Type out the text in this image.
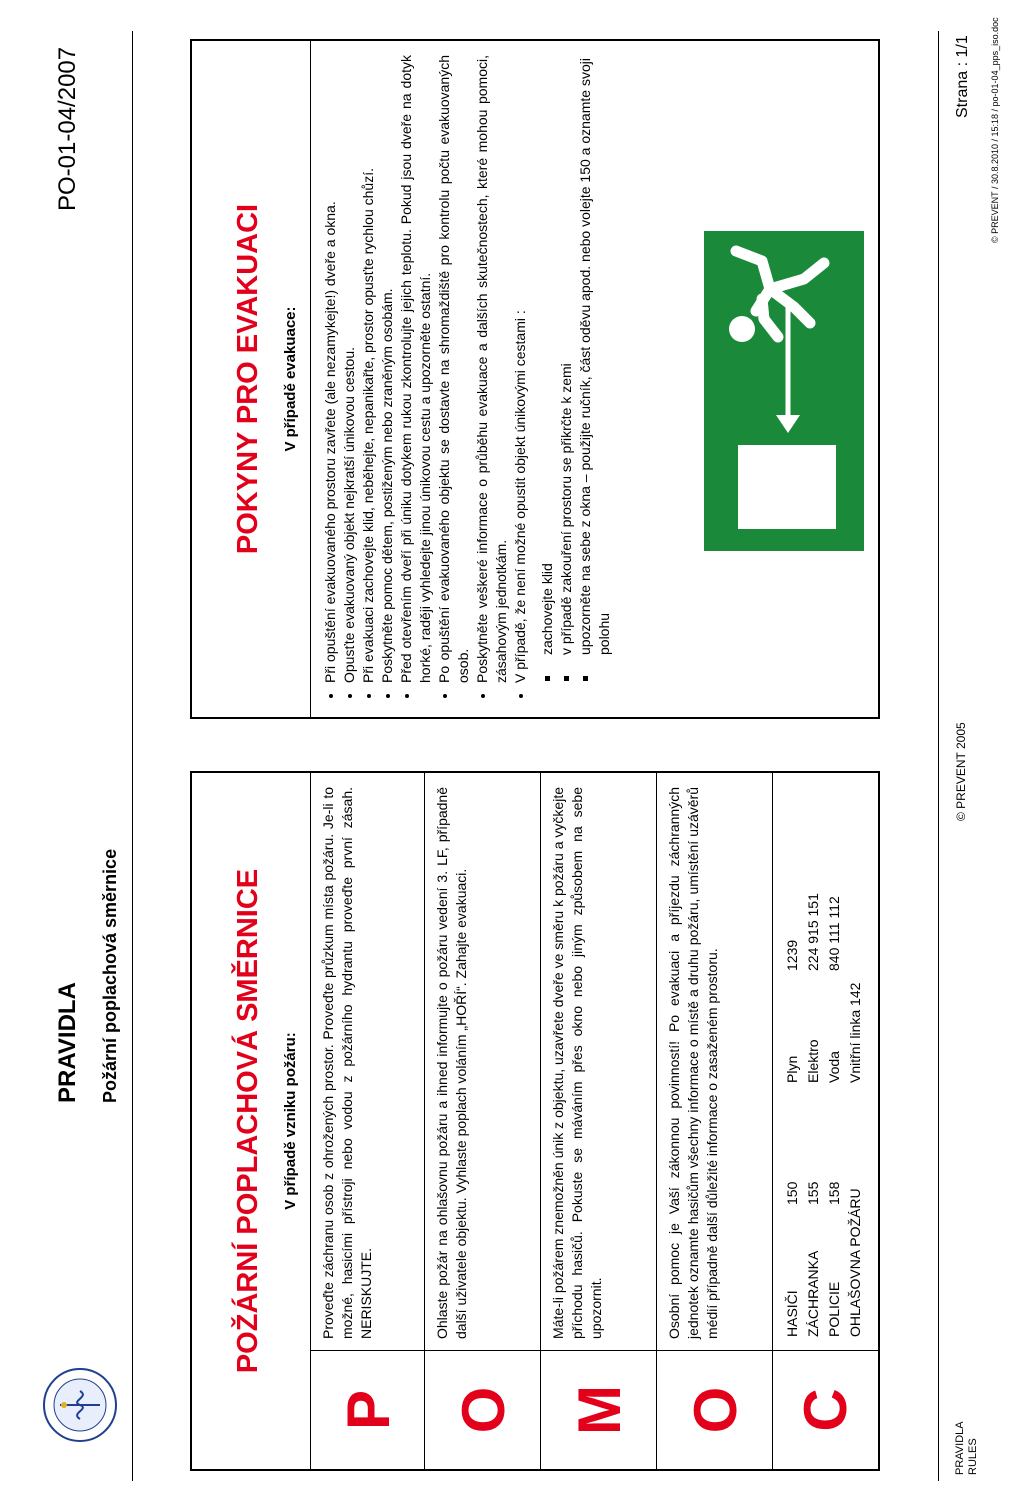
PRAVIDLA Požární poplachová směrnice
PO-01-04/2007
POŽÁRNÍ POPLACHOVÁ SMĚRNICE V případě vzniku požáru:
P
Proveďte záchranu osob z ohrožených prostor. Proveďte průzkum místa požáru. Je-li to možné, hasicími přístroji nebo vodou z požárního hydrantu proveďte první zásah. NERISKUJTE.
O
Ohlaste požár na ohlašovnu požáru a ihned informujte o požáru vedení 3. LF, případně další uživatele objektu. Vyhlaste poplach voláním „HOŘÍ“. Zahajte evakuaci.
M
Máte-li požárem znemožněn únik z objektu, uzavřete dveře ve směru k požáru a vyčkejte příchodu hasičů. Pokuste se máváním přes okno nebo jiným způsobem na sebe upozornit.
O
Osobní pomoc je Vaší zákonnou povinností! Po evakuaci a příjezdu záchranných jednotek oznamte hasičům všechny informace o místě a druhu požáru, umístění uzávěrů médií případně další důležité informace o zasaženém prostoru.
C
HASIČI	150	Plyn	1239
ZÁCHRANKA	155	Elektro	224 915 151
POLICIE	158	Voda	840 111 112
OHLAŠOVNA POŽÁRU		Vnitřní linka 142	
POKYNY PRO EVAKUACI V případě evakuace: • Při opuštění evakuovaného prostoru zavřete (ale nezamykejte!) dveře a okna. • Opusťte evakuovaný objekt nejkratší únikovou cestou. • Při evakuaci zachovejte klid, neběhejte, nepanikařte, prostor opusťte rychlou chůzí. • Poskytněte pomoc dětem, postiženým nebo zraněným osobám. • Před otevřením dveří při úniku dotykem rukou zkontrolujte jejich teplotu. Pokud jsou dveře na dotyk horké, raději vyhledejte jinou únikovou cestu a upozorněte ostatní. • Po opuštění evakuovaného objektu se dostavte na shromaždiště pro kontrolu počtu evakuovaných osob. • Poskytněte veškeré informace o průběhu evakuace a dalších skutečnostech, které mohou pomoci, zásahovým jednotkám. • V případě, že není možné opustit objekt únikovými cestami : zachovejte klid v případě zakouření prostoru se přikrčte k zemi upozorněte na sebe z okna – použijte ručník, část oděvu apod. nebo volejte 150 a oznamte svoji polohu
PRAVIDLA RULES
© PREVENT 2005
Strana : 1/1 © PREVENT / 30.8.2010 / 15:18 / po-01-04_pps_iso.doc
